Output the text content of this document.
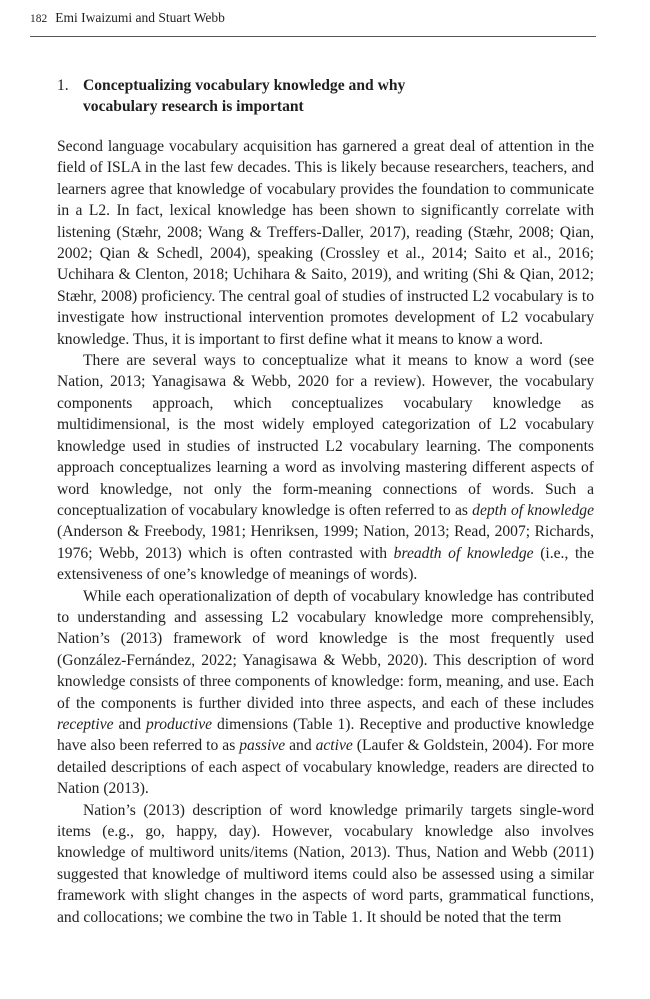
182 Emi Iwaizumi and Stuart Webb
1. Conceptualizing vocabulary knowledge and why vocabulary research is important

Second language vocabulary acquisition has garnered a great deal of attention in the field of ISLA in the last few decades. This is likely because researchers, teachers, and learners agree that knowledge of vocabulary provides the foundation to communicate in a L2. In fact, lexical knowledge has been shown to significantly correlate with listening (Stæhr, 2008; Wang & Treffers-Daller, 2017), reading (Stæhr, 2008; Qian, 2002; Qian & Schedl, 2004), speaking (Crossley et al., 2014; Saito et al., 2016; Uchihara & Clenton, 2018; Uchihara & Saito, 2019), and writing (Shi & Qian, 2012; Stæhr, 2008) proficiency. The central goal of studies of instructed L2 vocabulary is to investigate how instructional intervention promotes development of L2 vocabulary knowledge. Thus, it is important to first define what it means to know a word.

There are several ways to conceptualize what it means to know a word (see Nation, 2013; Yanagisawa & Webb, 2020 for a review). However, the vocabulary components approach, which conceptualizes vocabulary knowledge as multidimensional, is the most widely employed categorization of L2 vocabulary knowledge used in studies of instructed L2 vocabulary learning. The components approach conceptualizes learning a word as involving mastering different aspects of word knowledge, not only the form-meaning connections of words. Such a conceptualization of vocabulary knowledge is often referred to as depth of knowledge (Anderson & Freebody, 1981; Henriksen, 1999; Nation, 2013; Read, 2007; Richards, 1976; Webb, 2013) which is often contrasted with breadth of knowledge (i.e., the extensiveness of one’s knowledge of meanings of words).

While each operationalization of depth of vocabulary knowledge has contributed to understanding and assessing L2 vocabulary knowledge more comprehensibly, Nation’s (2013) framework of word knowledge is the most frequently used (González-Fernández, 2022; Yanagisawa & Webb, 2020). This description of word knowledge consists of three components of knowledge: form, meaning, and use. Each of the components is further divided into three aspects, and each of these includes receptive and productive dimensions (Table 1). Receptive and productive knowledge have also been referred to as passive and active (Laufer & Goldstein, 2004). For more detailed descriptions of each aspect of vocabulary knowledge, readers are directed to Nation (2013).

Nation’s (2013) description of word knowledge primarily targets single-word items (e.g., go, happy, day). However, vocabulary knowledge also involves knowledge of multiword units/items (Nation, 2013). Thus, Nation and Webb (2011) suggested that knowledge of multiword items could also be assessed using a similar framework with slight changes in the aspects of word parts, grammatical functions, and collocations; we combine the two in Table 1. It should be noted that the term
